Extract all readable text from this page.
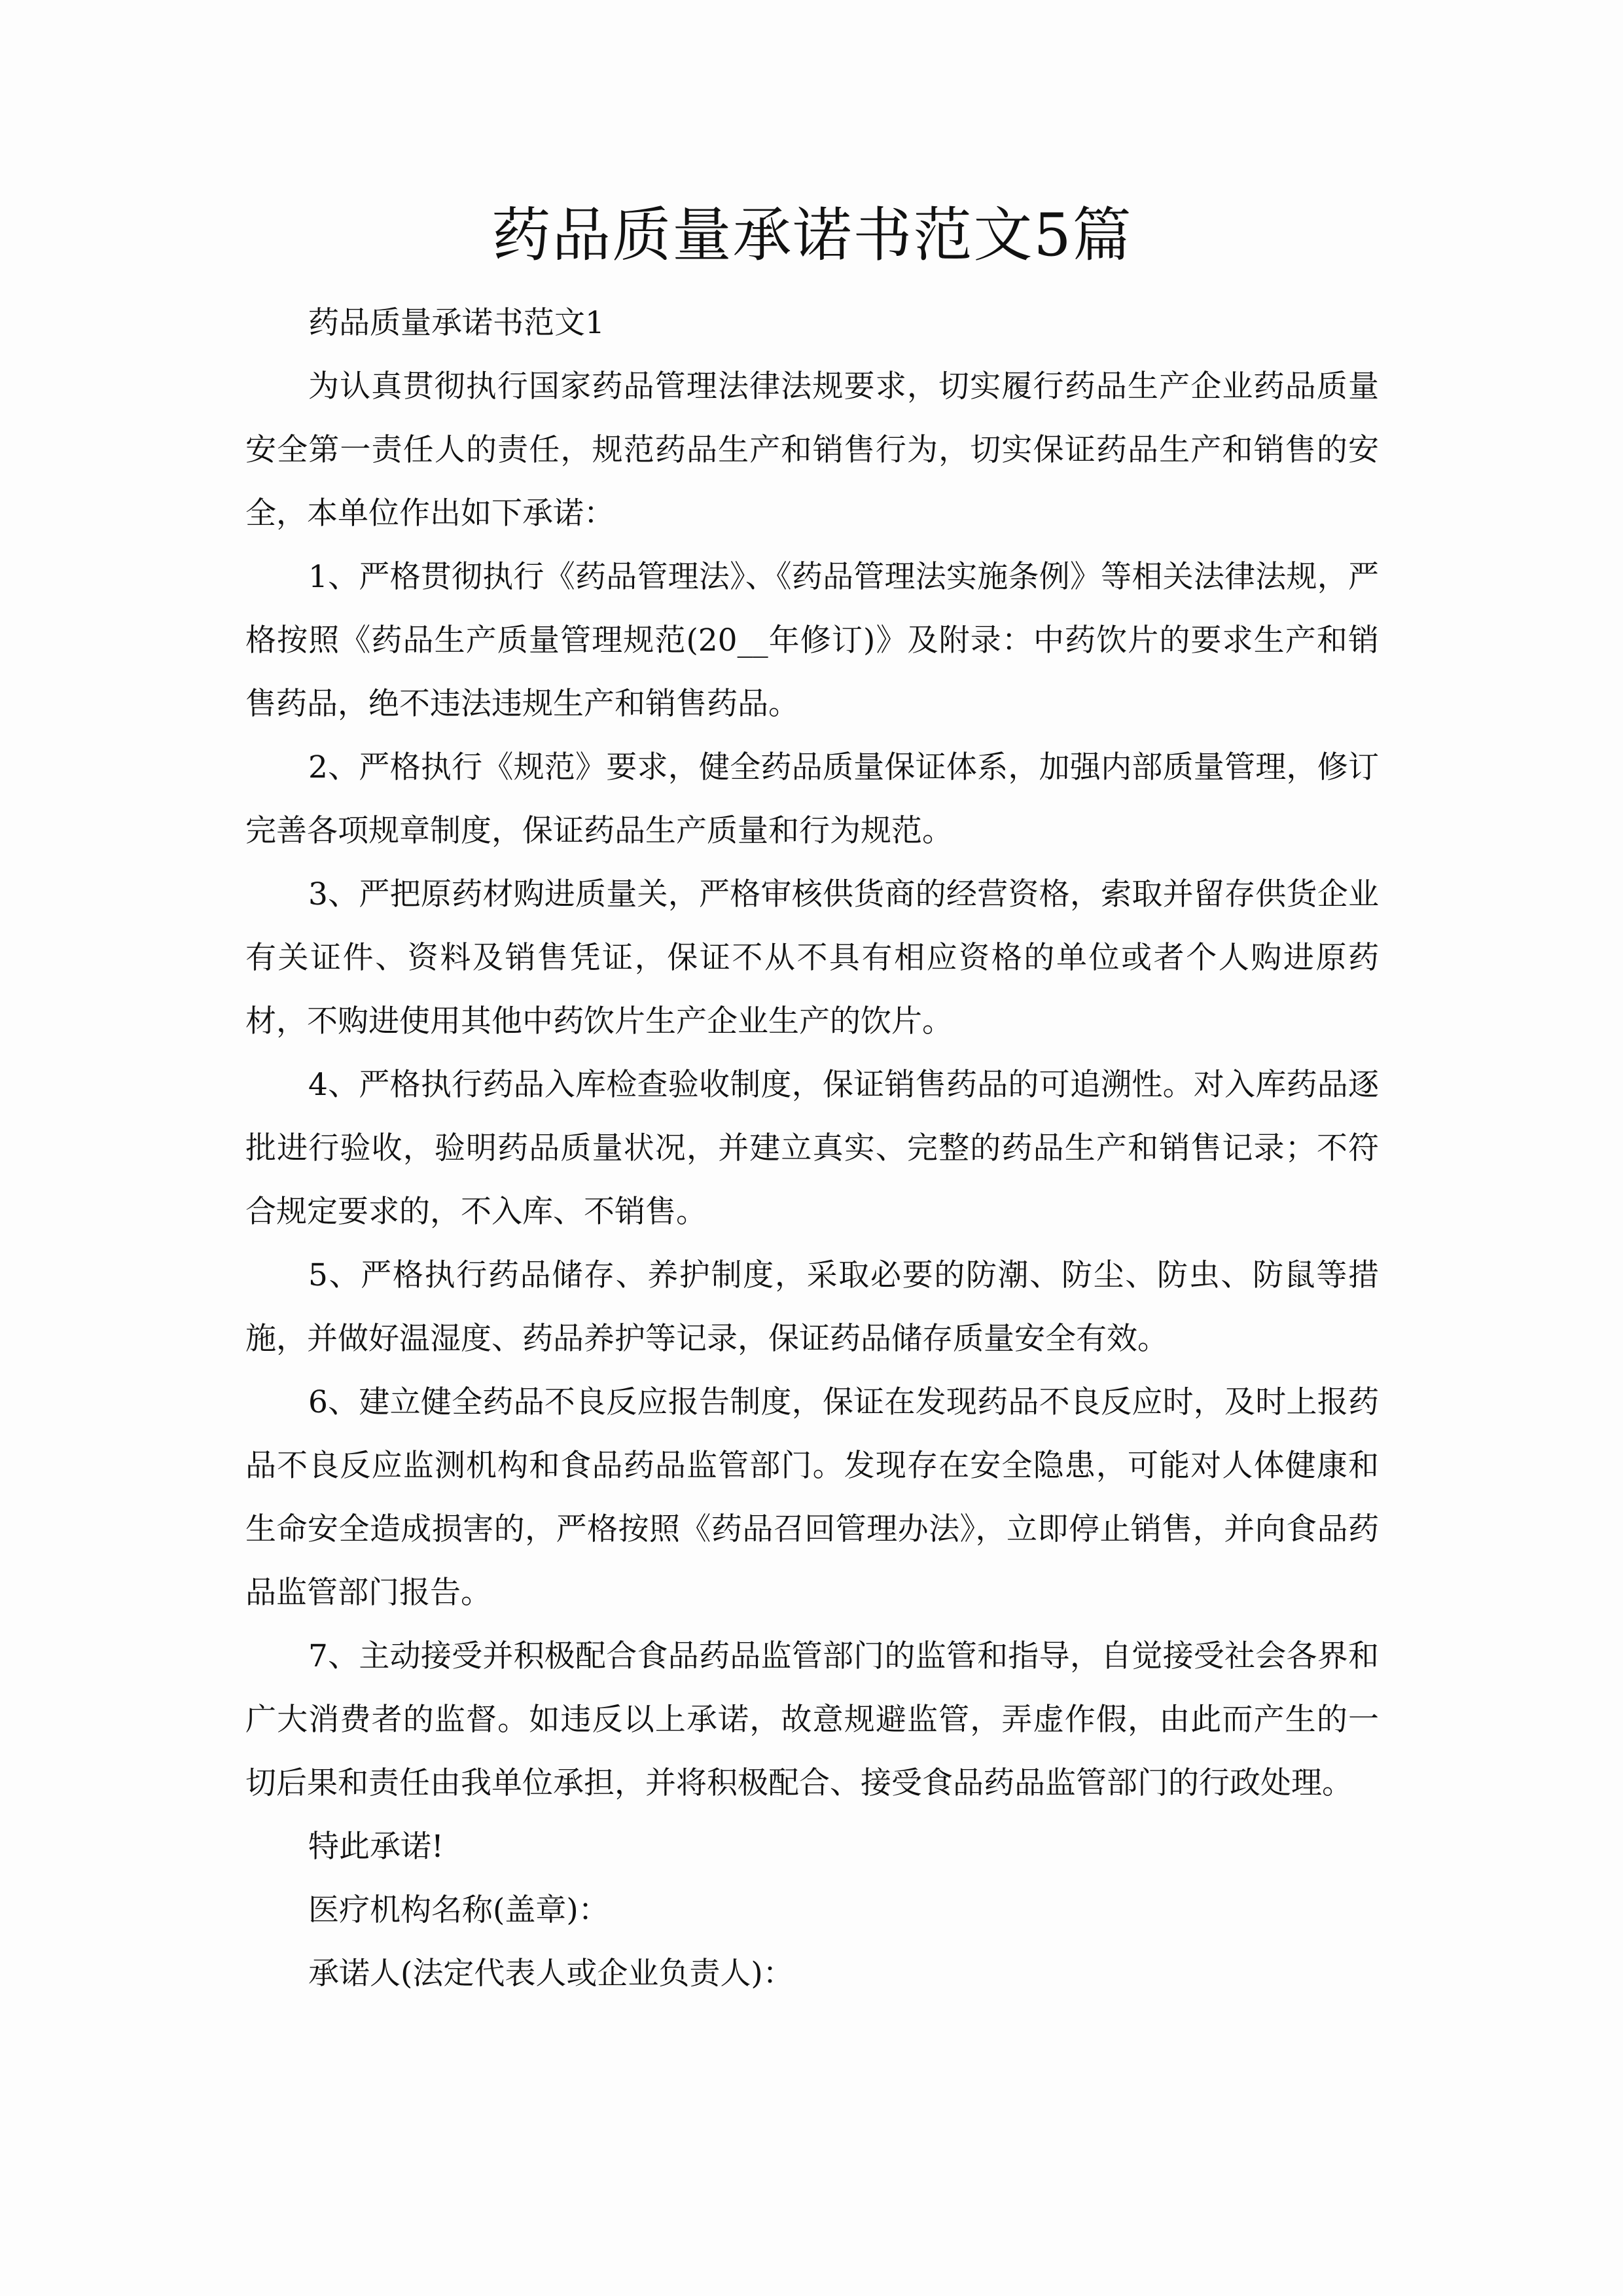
药品质量承诺书范文5篇

药品质量承诺书范文1

为认真贯彻执行国家药品管理法律法规要求，切实履行药品生产企业药品质量安全第一责任人的责任，规范药品生产和销售行为，切实保证药品生产和销售的安全，本单位作出如下承诺：

1、严格贯彻执行《药品管理法》、《药品管理法实施条例》等相关法律法规，严格按照《药品生产质量管理规范(20__年修订)》及附录：中药饮片的要求生产和销售药品，绝不违法违规生产和销售药品。

2、严格执行《规范》要求，健全药品质量保证体系，加强内部质量管理，修订完善各项规章制度，保证药品生产质量和行为规范。

3、严把原药材购进质量关，严格审核供货商的经营资格，索取并留存供货企业有关证件、资料及销售凭证，保证不从不具有相应资格的单位或者个人购进原药材，不购进使用其他中药饮片生产企业生产的饮片。

4、严格执行药品入库检查验收制度，保证销售药品的可追溯性。对入库药品逐批进行验收，验明药品质量状况，并建立真实、完整的药品生产和销售记录；不符合规定要求的，不入库、不销售。

5、严格执行药品储存、养护制度，采取必要的防潮、防尘、防虫、防鼠等措施，并做好温湿度、药品养护等记录，保证药品储存质量安全有效。

6、建立健全药品不良反应报告制度，保证在发现药品不良反应时，及时上报药品不良反应监测机构和食品药品监管部门。发现存在安全隐患，可能对人体健康和生命安全造成损害的，严格按照《药品召回管理办法》，立即停止销售，并向食品药品监管部门报告。

7、主动接受并积极配合食品药品监管部门的监管和指导，自觉接受社会各界和广大消费者的监督。如违反以上承诺，故意规避监管，弄虚作假，由此而产生的一切后果和责任由我单位承担，并将积极配合、接受食品药品监管部门的行政处理。

特此承诺!

医疗机构名称(盖章)：

承诺人(法定代表人或企业负责人)：
